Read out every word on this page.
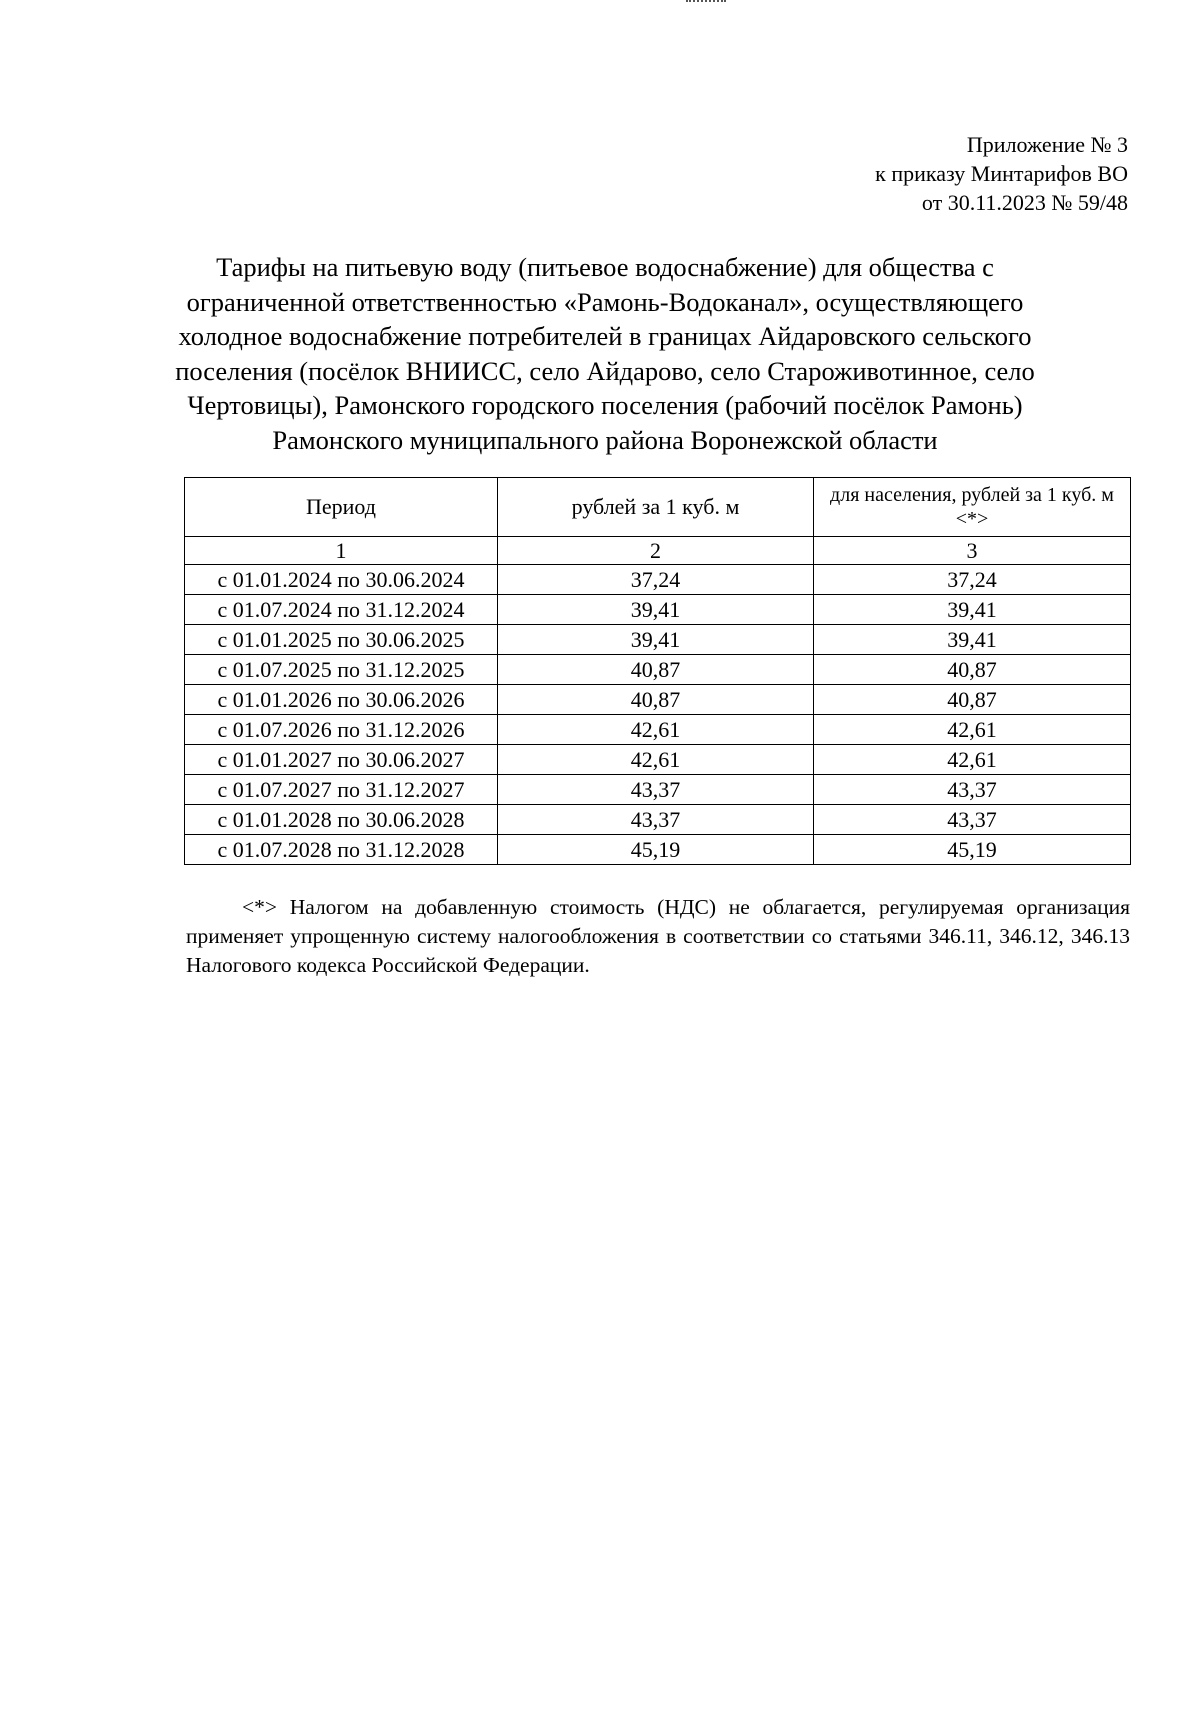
Приложение № 3
к приказу Минтарифов ВО
от 30.11.2023 № 59/48
Тарифы на питьевую воду (питьевое водоснабжение) для общества с
ограниченной ответственностью «Рамонь-Водоканал», осуществляющего
холодное водоснабжение потребителей в границах Айдаровского сельского
поселения (посёлок ВНИИСС, село Айдарово, село Староживотинное, село
Чертовицы), Рамонского городского поселения (рабочий посёлок Рамонь)
Рамонского муниципального района Воронежской области
Период	рублей за 1 куб. м	для населения, рублей за 1 куб. м <*>
1	2	3
с 01.01.2024 по 30.06.2024	37,24	37,24
с 01.07.2024 по 31.12.2024	39,41	39,41
с 01.01.2025 по 30.06.2025	39,41	39,41
с 01.07.2025 по 31.12.2025	40,87	40,87
с 01.01.2026 по 30.06.2026	40,87	40,87
с 01.07.2026 по 31.12.2026	42,61	42,61
с 01.01.2027 по 30.06.2027	42,61	42,61
с 01.07.2027 по 31.12.2027	43,37	43,37
с 01.01.2028 по 30.06.2028	43,37	43,37
с 01.07.2028 по 31.12.2028	45,19	45,19

<*> Налогом на добавленную стоимость (НДС) не облагается, регулируемая организация применяет упрощенную систему налогообложения в соответствии со статьями 346.11, 346.12, 346.13 Налогового кодекса Российской Федерации.
